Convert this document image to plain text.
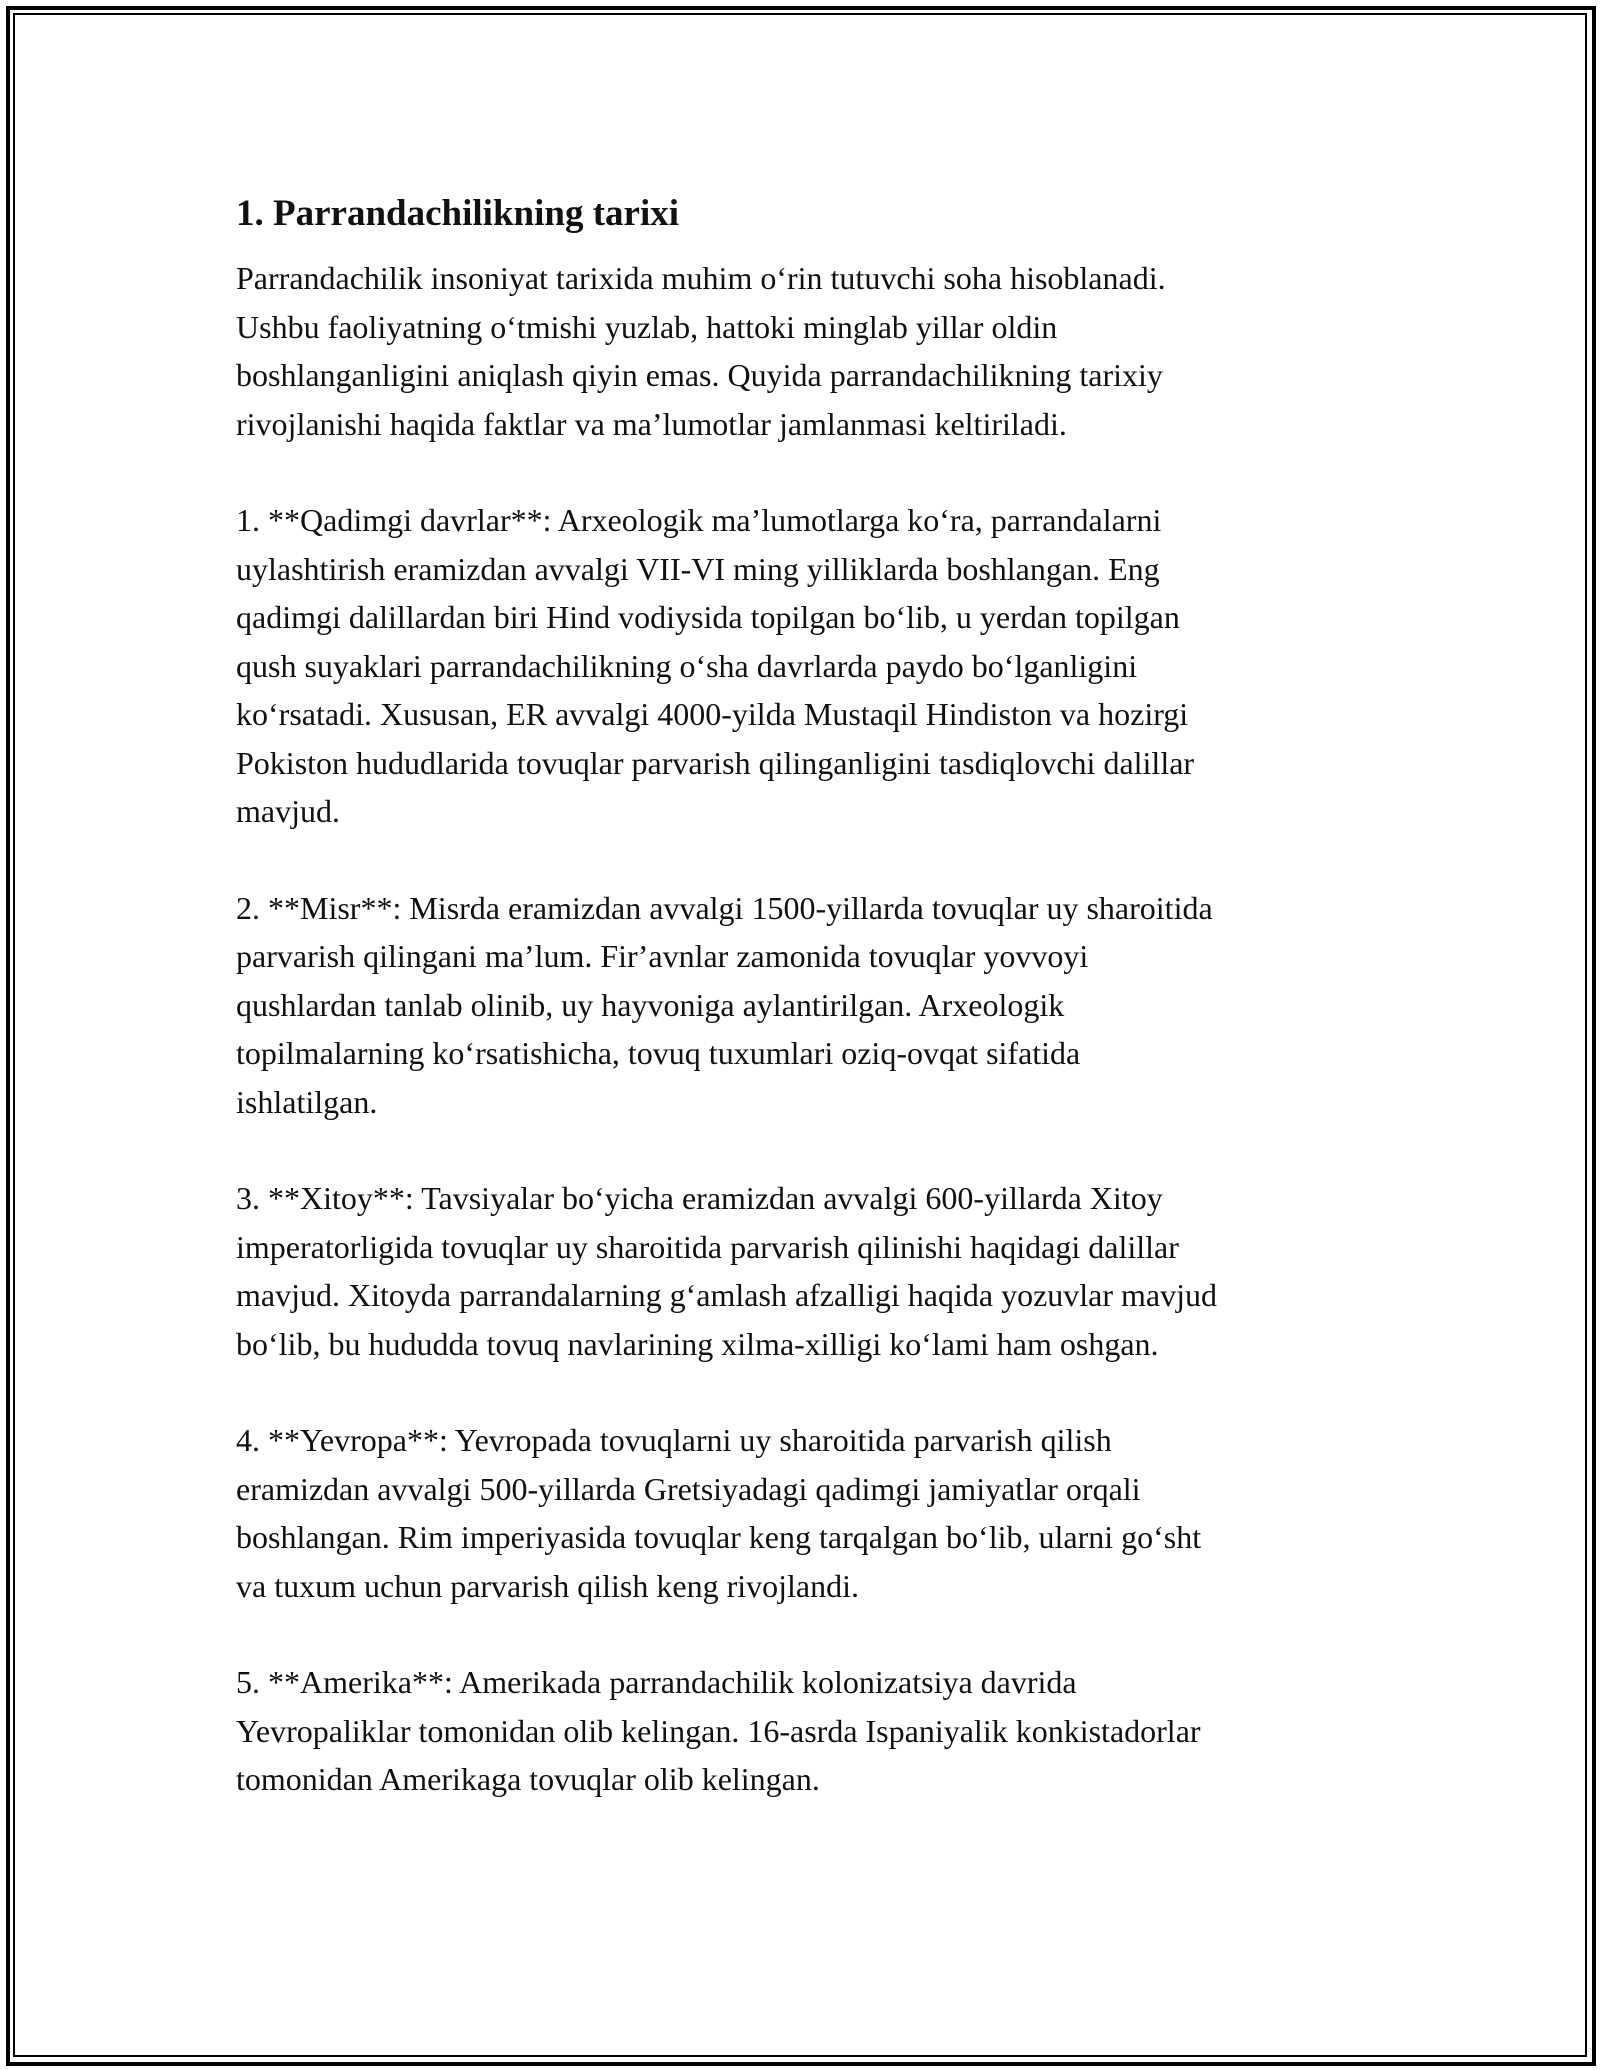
1. Parrandachilikning tarixi

Parrandachilik insoniyat tarixida muhim oʻrin tutuvchi soha hisoblanadi.
Ushbu faoliyatning oʻtmishi yuzlab, hattoki minglab yillar oldin
boshlanganligini aniqlash qiyin emas. Quyida parrandachilikning tarixiy
rivojlanishi haqida faktlar va maʼlumotlar jamlanmasi keltiriladi.

1. **Qadimgi davrlar**: Arxeologik maʼlumotlarga koʻra, parrandalarni
uylashtirish eramizdan avvalgi VII-VI ming yilliklarda boshlangan. Eng
qadimgi dalillardan biri Hind vodiysida topilgan boʻlib, u yerdan topilgan
qush suyaklari parrandachilikning oʻsha davrlarda paydo boʻlganligini
koʻrsatadi. Xususan, ER avvalgi 4000-yilda Mustaqil Hindiston va hozirgi
Pokiston hududlarida tovuqlar parvarish qilinganligini tasdiqlovchi dalillar
mavjud.

2. **Misr**: Misrda eramizdan avvalgi 1500-yillarda tovuqlar uy sharoitida
parvarish qilingani maʼlum. Firʼavnlar zamonida tovuqlar yovvoyi
qushlardan tanlab olinib, uy hayvoniga aylantirilgan. Arxeologik
topilmalarning koʻrsatishicha, tovuq tuxumlari oziq-ovqat sifatida
ishlatilgan.

3. **Xitoy**: Tavsiyalar boʻyicha eramizdan avvalgi 600-yillarda Xitoy
imperatorligida tovuqlar uy sharoitida parvarish qilinishi haqidagi dalillar
mavjud. Xitoyda parrandalarning gʻamlash afzalligi haqida yozuvlar mavjud
boʻlib, bu hududda tovuq navlarining xilma-xilligi koʻlami ham oshgan.

4. **Yevropa**: Yevropada tovuqlarni uy sharoitida parvarish qilish
eramizdan avvalgi 500-yillarda Gretsiyadagi qadimgi jamiyatlar orqali
boshlangan. Rim imperiyasida tovuqlar keng tarqalgan boʻlib, ularni goʻsht
va tuxum uchun parvarish qilish keng rivojlandi.

5. **Amerika**: Amerikada parrandachilik kolonizatsiya davrida
Yevropaliklar tomonidan olib kelingan. 16-asrda Ispaniyalik konkistadorlar
tomonidan Amerikaga tovuqlar olib kelingan.
